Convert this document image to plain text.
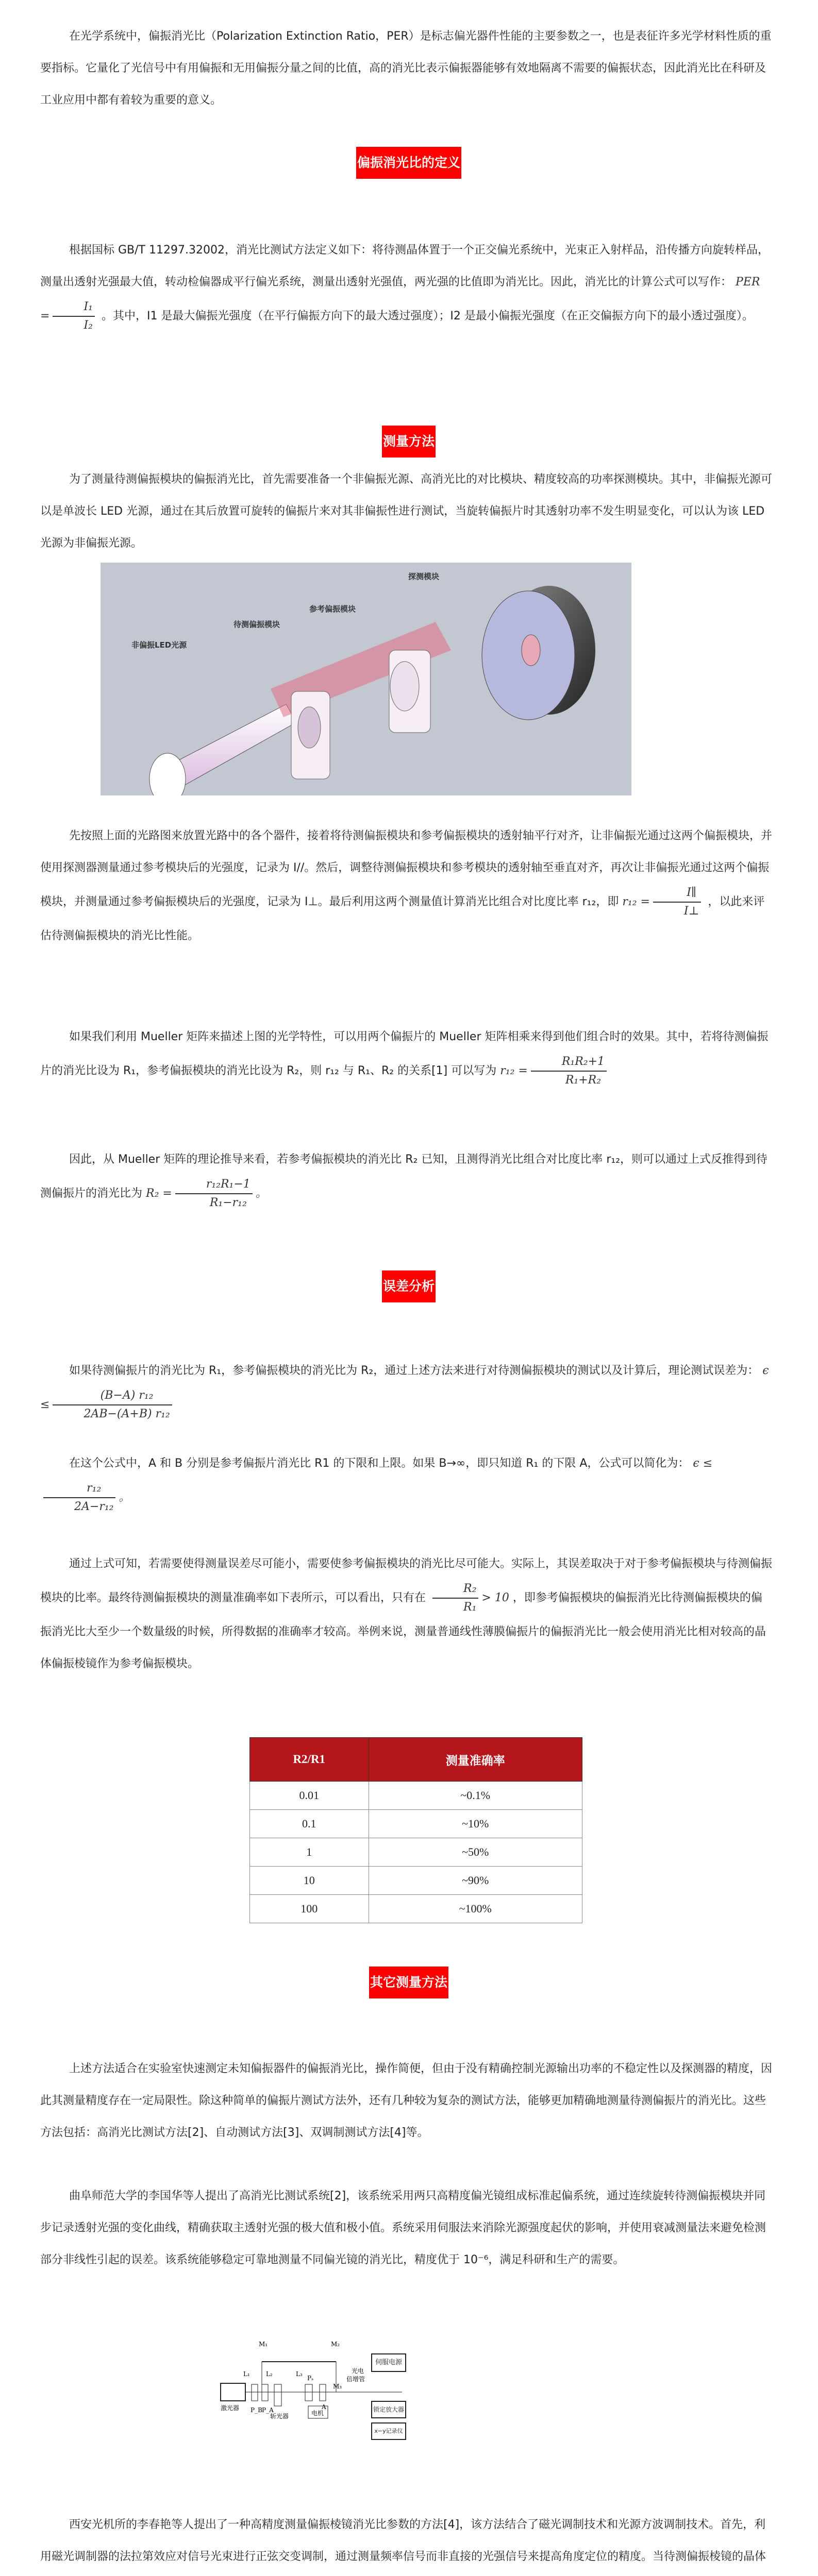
在光学系统中，偏振消光比（Polarization Extinction Ratio，PER）是标志偏光器件性能的主要参数之一，也是表征许多光学材料性质的重要指标。它量化了光信号中有用偏振和无用偏振分量之间的比值，高的消光比表示偏振器能够有效地隔离不需要的偏振状态，因此消光比在科研及工业应用中都有着较为重要的意义。

偏振消光比的定义
根据国标 GB/T 11297.32002，消光比测试方法定义如下：将待测晶体置于一个正交偏光系统中，光束正入射样品，沿传播方向旋转样品，测量出透射光强最大值，转动检偏器成平行偏光系统，测量出透射光强值，两光强的比值即为消光比。因此，消光比的计算公式可以写作： PER = $\frac{\text{I₁}}{\text{I₂}}$ 。其中，I1 是最大偏振光强度（在平行偏振方向下的最大透过强度）；I2 是最小偏振光强度（在正交偏振方向下的最小透过强度）。
测量方法

为了测量待测偏振模块的偏振消光比，首先需要准备一个非偏振光源、高消光比的对比模块、精度较高的功率探测模块。其中，非偏振光源可以是单波长 LED 光源，通过在其后放置可旋转的偏振片来对其非偏振性进行测试，当旋转偏振片时其透射功率不发生明显变化，可以认为该 LED 光源为非偏振光源。

非偏振LED光源
待测偏振模块
参考偏振模块
探测模块
先按照上面的光路图来放置光路中的各个器件，接着将待测偏振模块和参考偏振模块的透射轴平行对齐，让非偏振光通过这两个偏振模块，并使用探测器测量通过参考模块后的光强度，记录为 I//。然后，调整待测偏振模块和参考模块的透射轴至垂直对齐，再次让非偏振光通过这两个偏振模块，并测量通过参考偏振模块后的光强度，记录为 I⊥。最后利用这两个测量值计算消光比组合对比度比率 r₁₂，即 $r_{12} = \frac{I\parallel}{I\perp}$ ，以此来评估待测偏振模块的消光比性能。
如果我们利用 Mueller 矩阵来描述上图的光学特性，可以用两个偏振片的 Mueller 矩阵相乘来得到他们组合时的效果。其中，若将待测偏振片的消光比设为 R₁，参考偏振模块的消光比设为 R₂，则 r₁₂ 与 R₁、R₂ 的关系[1] 可以写为 $r_{12} = \frac{\text{R₁R₂+1}}{\text{R₁+R₂}}$
因此，从 Mueller 矩阵的理论推导来看，若参考偏振模块的消光比 R₂ 已知，且测得消光比组合对比度比率 r₁₂，则可以通过上式反推得到待测偏振片的消光比为 $R_2 = \frac{\text{r₁₂R₁−1}}{\text{R₁−r₁₂}}$ 。
误差分析
如果待测偏振片的消光比为 R₁，参考偏振模块的消光比为 R₂，通过上述方法来进行对待测偏振模块的测试以及计算后，理论测试误差为： $\epsilon \le \frac{\text{(B−A) r₁₂}}{\text{2AB−(A+B) r₁₂}}$
在这个公式中，A 和 B 分别是参考偏振片消光比 R1 的下限和上限。如果 B→∞，即只知道 R₁ 的下限 A，公式可以简化为： ϵ ≤
$\frac{\text{r₁₂}}{\text{2A−r₁₂}}$ 。
通过上式可知，若需要使得测量误差尽可能小，需要使参考偏振模块的消光比尽可能大。实际上，其误差取决于对于参考偏振模块与待测偏振模块的比率。最终待测偏振模块的测量准确率如下表所示，可以看出，只有在 $\frac{\text{R₂}}{\text{R₁}} > 10$ ，即参考偏振模块的偏振消光比待测偏振模块的偏振消光比大至少一个数量级的时候，所得数据的准确率才较高。举例来说，测量普通线性薄膜偏振片的偏振消光比一般会使用消光比相对较高的晶体偏振棱镜作为参考偏振模块。
R2/R1	测量准确率
0.01	~0.1%
0.1	~10%
1	~50%
10	~90%
100	~100%
其它测量方法

上述方法适合在实验室快速测定未知偏振器件的偏振消光比，操作简便，但由于没有精确控制光源输出功率的不稳定性以及探测器的精度，因此其测量精度存在一定局限性。除这种简单的偏振片测试方法外，还有几种较为复杂的测试方法，能够更加精确地测量待测偏振片的消光比。这些方法包括：高消光比测试方法[2]、自动测试方法[3]、双调制测试方法[4]等。

曲阜师范大学的李国华等人提出了高消光比测试系统[2]，该系统采用两只高精度偏光镜组成标准起偏系统，通过连续旋转待测偏振模块并同步记录透射光强的变化曲线，精确获取主透射光强的极大值和极小值。系统采用伺服法来消除光源强度起伏的影响，并使用衰减测量法来避免检测部分非线性引起的误差。该系统能够稳定可靠地测量不同偏光镜的消光比，精度优于 10⁻⁶，满足科研和生产的需要。

M₁	M₂
L₁	L₂	L₃
Pₛ
M₃
光电
倍增管
激光器 P_B P_A	A
斩光器	电机
伺服电源
锁定放大器
x−y记录仪

西安光机所的李春艳等人提出了一种高精度测量偏振棱镜消光比参数的方法[4]，该方法结合了磁光调制技术和光源方波调制技术。首先，利用磁光调制器的法拉第效应对信号光束进行正弦交变调制，通过测量频率信号而非直接的光强信号来提高角度定位的精度。当待测偏振棱镜的晶体
